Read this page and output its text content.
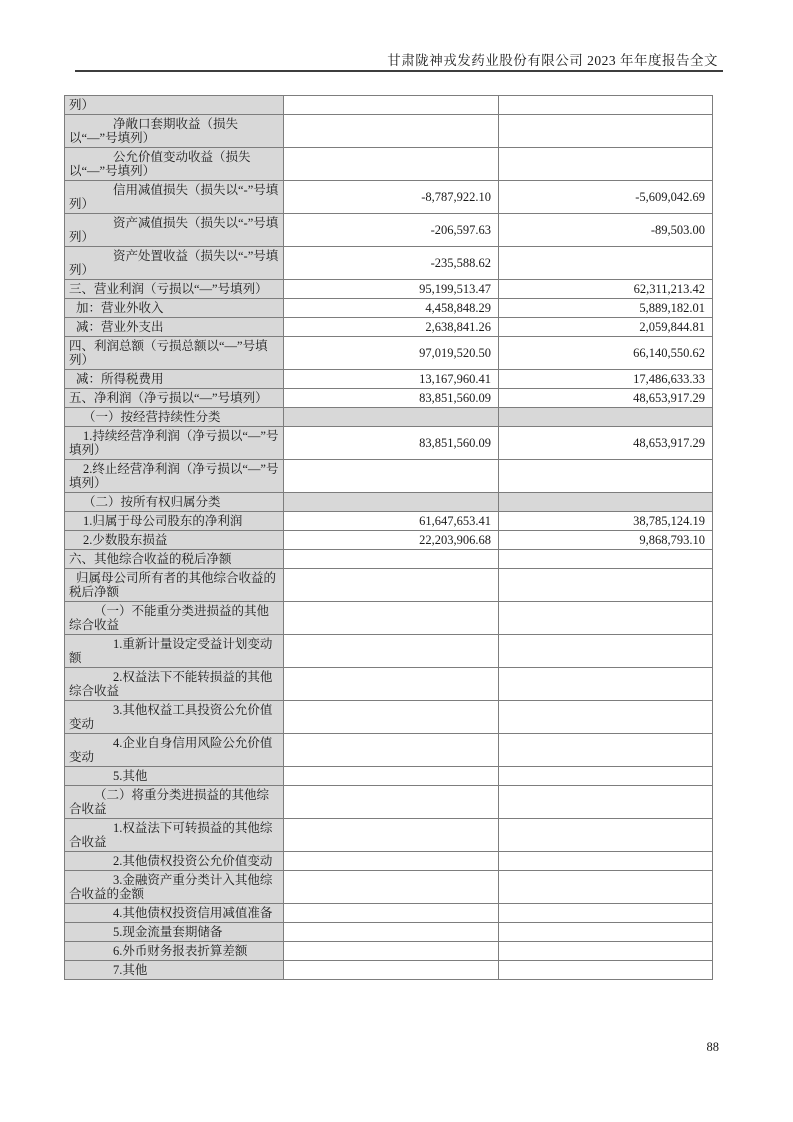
甘肃陇神戎发药业股份有限公司 2023 年年度报告全文
列）		
净敞口套期收益（损失以“—”号填列）		
公允价值变动收益（损失以“—”号填列）		
信用减值损失（损失以“-”号填列）	-8,787,922.10	-5,609,042.69
资产减值损失（损失以“-”号填列）	-206,597.63	-89,503.00
资产处置收益（损失以“-”号填列）	-235,588.62	
三、营业利润（亏损以“—”号填列）	95,199,513.47	62,311,213.42
加：营业外收入	4,458,848.29	5,889,182.01
减：营业外支出	2,638,841.26	2,059,844.81
四、利润总额（亏损总额以“—”号填列）	97,019,520.50	66,140,550.62
减：所得税费用	13,167,960.41	17,486,633.33
五、净利润（净亏损以“—”号填列）	83,851,560.09	48,653,917.29
（一）按经营持续性分类		
1.持续经营净利润（净亏损以“—”号填列）	83,851,560.09	48,653,917.29
2.终止经营净利润（净亏损以“—”号填列）		
（二）按所有权归属分类		
1.归属于母公司股东的净利润	61,647,653.41	38,785,124.19
2.少数股东损益	22,203,906.68	9,868,793.10
六、其他综合收益的税后净额		
归属母公司所有者的其他综合收益的税后净额		
（一）不能重分类进损益的其他综合收益		
1.重新计量设定受益计划变动额		
2.权益法下不能转损益的其他综合收益		
3.其他权益工具投资公允价值变动		
4.企业自身信用风险公允价值变动		
5.其他		
（二）将重分类进损益的其他综合收益		
1.权益法下可转损益的其他综合收益		
2.其他债权投资公允价值变动		
3.金融资产重分类计入其他综合收益的金额		
4.其他债权投资信用减值准备		
5.现金流量套期储备		
6.外币财务报表折算差额		
7.其他		
88
